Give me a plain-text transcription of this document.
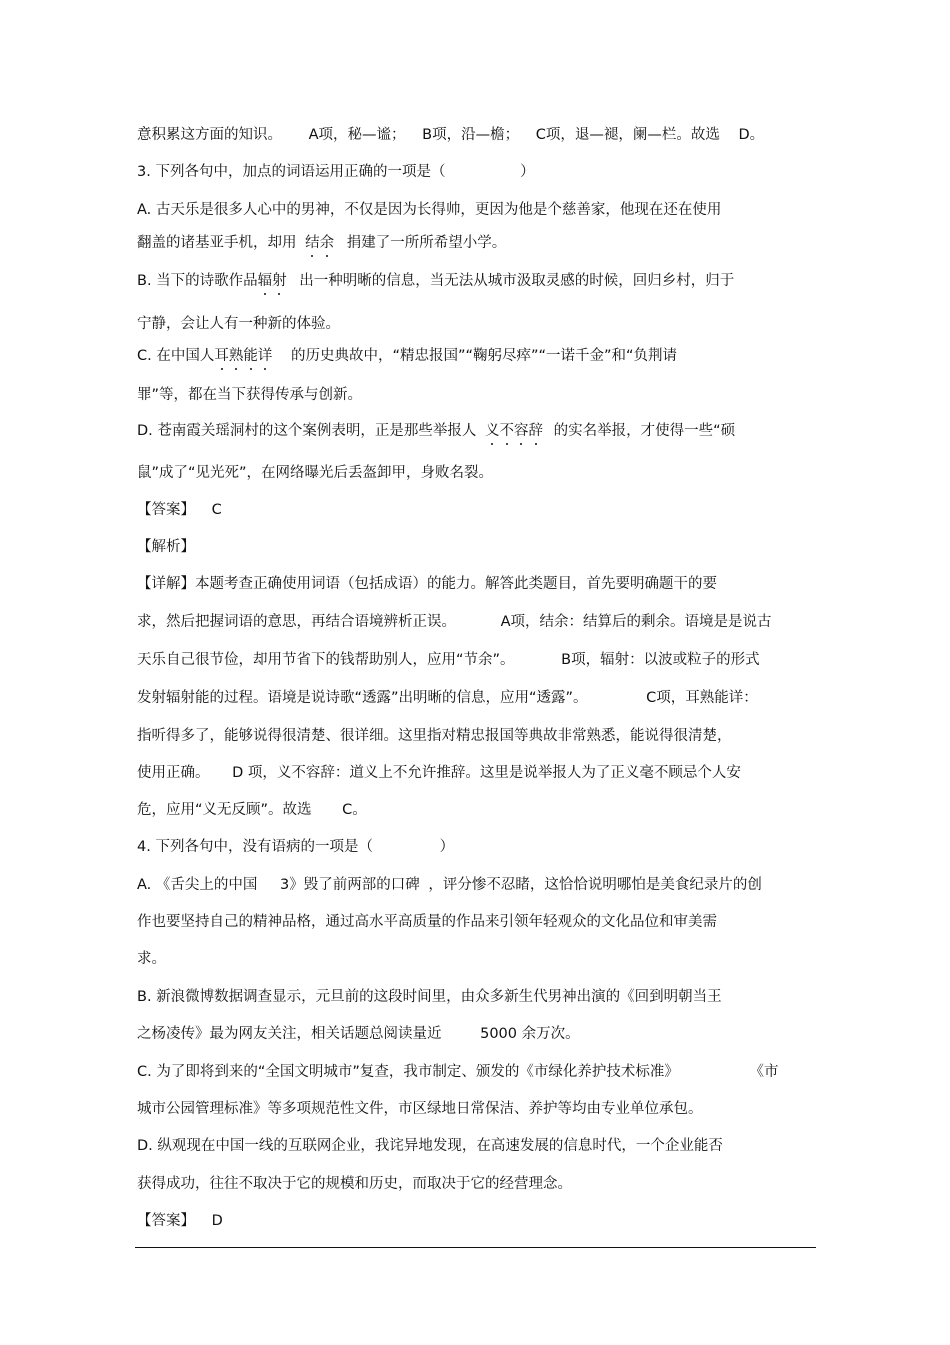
意积累这方面的知识。 A项，秘—谧； B项，沿—檐； C项，退—褪，阑—栏。故选 D。
3. 下列各句中，加点的词语运用正确的一项是（	）
A. 古天乐是很多人心中的男神，不仅是因为长得帅，更因为他是个慈善家，他现在还在使用
翻盖的诸基亚手机，却用 结余 捐建了一所所希望小学。
B. 当下的诗歌作品辐射 出一种明晰的信息，当无法从城市汲取灵感的时候，回归乡村，归于
宁静，会让人有一种新的体验。
C. 在中国人耳熟能详 的历史典故中，“精忠报国”“鞠躬尽瘁”“一诺千金”和“负荆请
罪”等，都在当下获得传承与创新。
D. 苍南霞关瑶洞村的这个案例表明，正是那些举报人 义不容辞 的实名举报，才使得一些“硕
鼠”成了“见光死”，在网络曝光后丢盔卸甲，身败名裂。
【答案】 C
【解析】
【详解】本题考查正确使用词语（包括成语）的能力。解答此类题目，首先要明确题干的要
求，然后把握词语的意思，再结合语境辨析正误。	A项，结余：结算后的剩余。语境是是说古
天乐自己很节俭，却用节省下的钱帮助别人，应用“节余”。	B项，辐射：以波或粒子的形式
发射辐射能的过程。语境是说诗歌“透露”出明晰的信息，应用“透露”。	C项，耳熟能详：
指听得多了，能够说得很清楚、很详细。这里指对精忠报国等典故非常熟悉，能说得很清楚，
使用正确。 D 项，义不容辞：道义上不允许推辞。这里是说举报人为了正义毫不顾忌个人安
危，应用“义无反顾”。故选 C。
4. 下列各句中，没有语病的一项是（	）
A. 《舌尖上的中国 3》毁了前两部的口碑 ，评分惨不忍睹，这恰恰说明哪怕是美食纪录片的创
作也要坚持自己的精神品格，通过高水平高质量的作品来引领年轻观众的文化品位和审美需
求。
B. 新浪微博数据调查显示，元旦前的这段时间里，由众多新生代男神出演的《回到明朝当王
之杨凌传》最为网友关注，相关话题总阅读量近	5000 余万次。
C. 为了即将到来的“全国文明城市”复查，我市制定、颁发的《市绿化养护技术标准》	《市
城市公园管理标准》等多项规范性文件，市区绿地日常保洁、养护等均由专业单位承包。
D. 纵观现在中国一线的互联网企业，我诧异地发现，在高速发展的信息时代，一个企业能否
获得成功，往往不取决于它的规模和历史，而取决于它的经营理念。
【答案】 D
